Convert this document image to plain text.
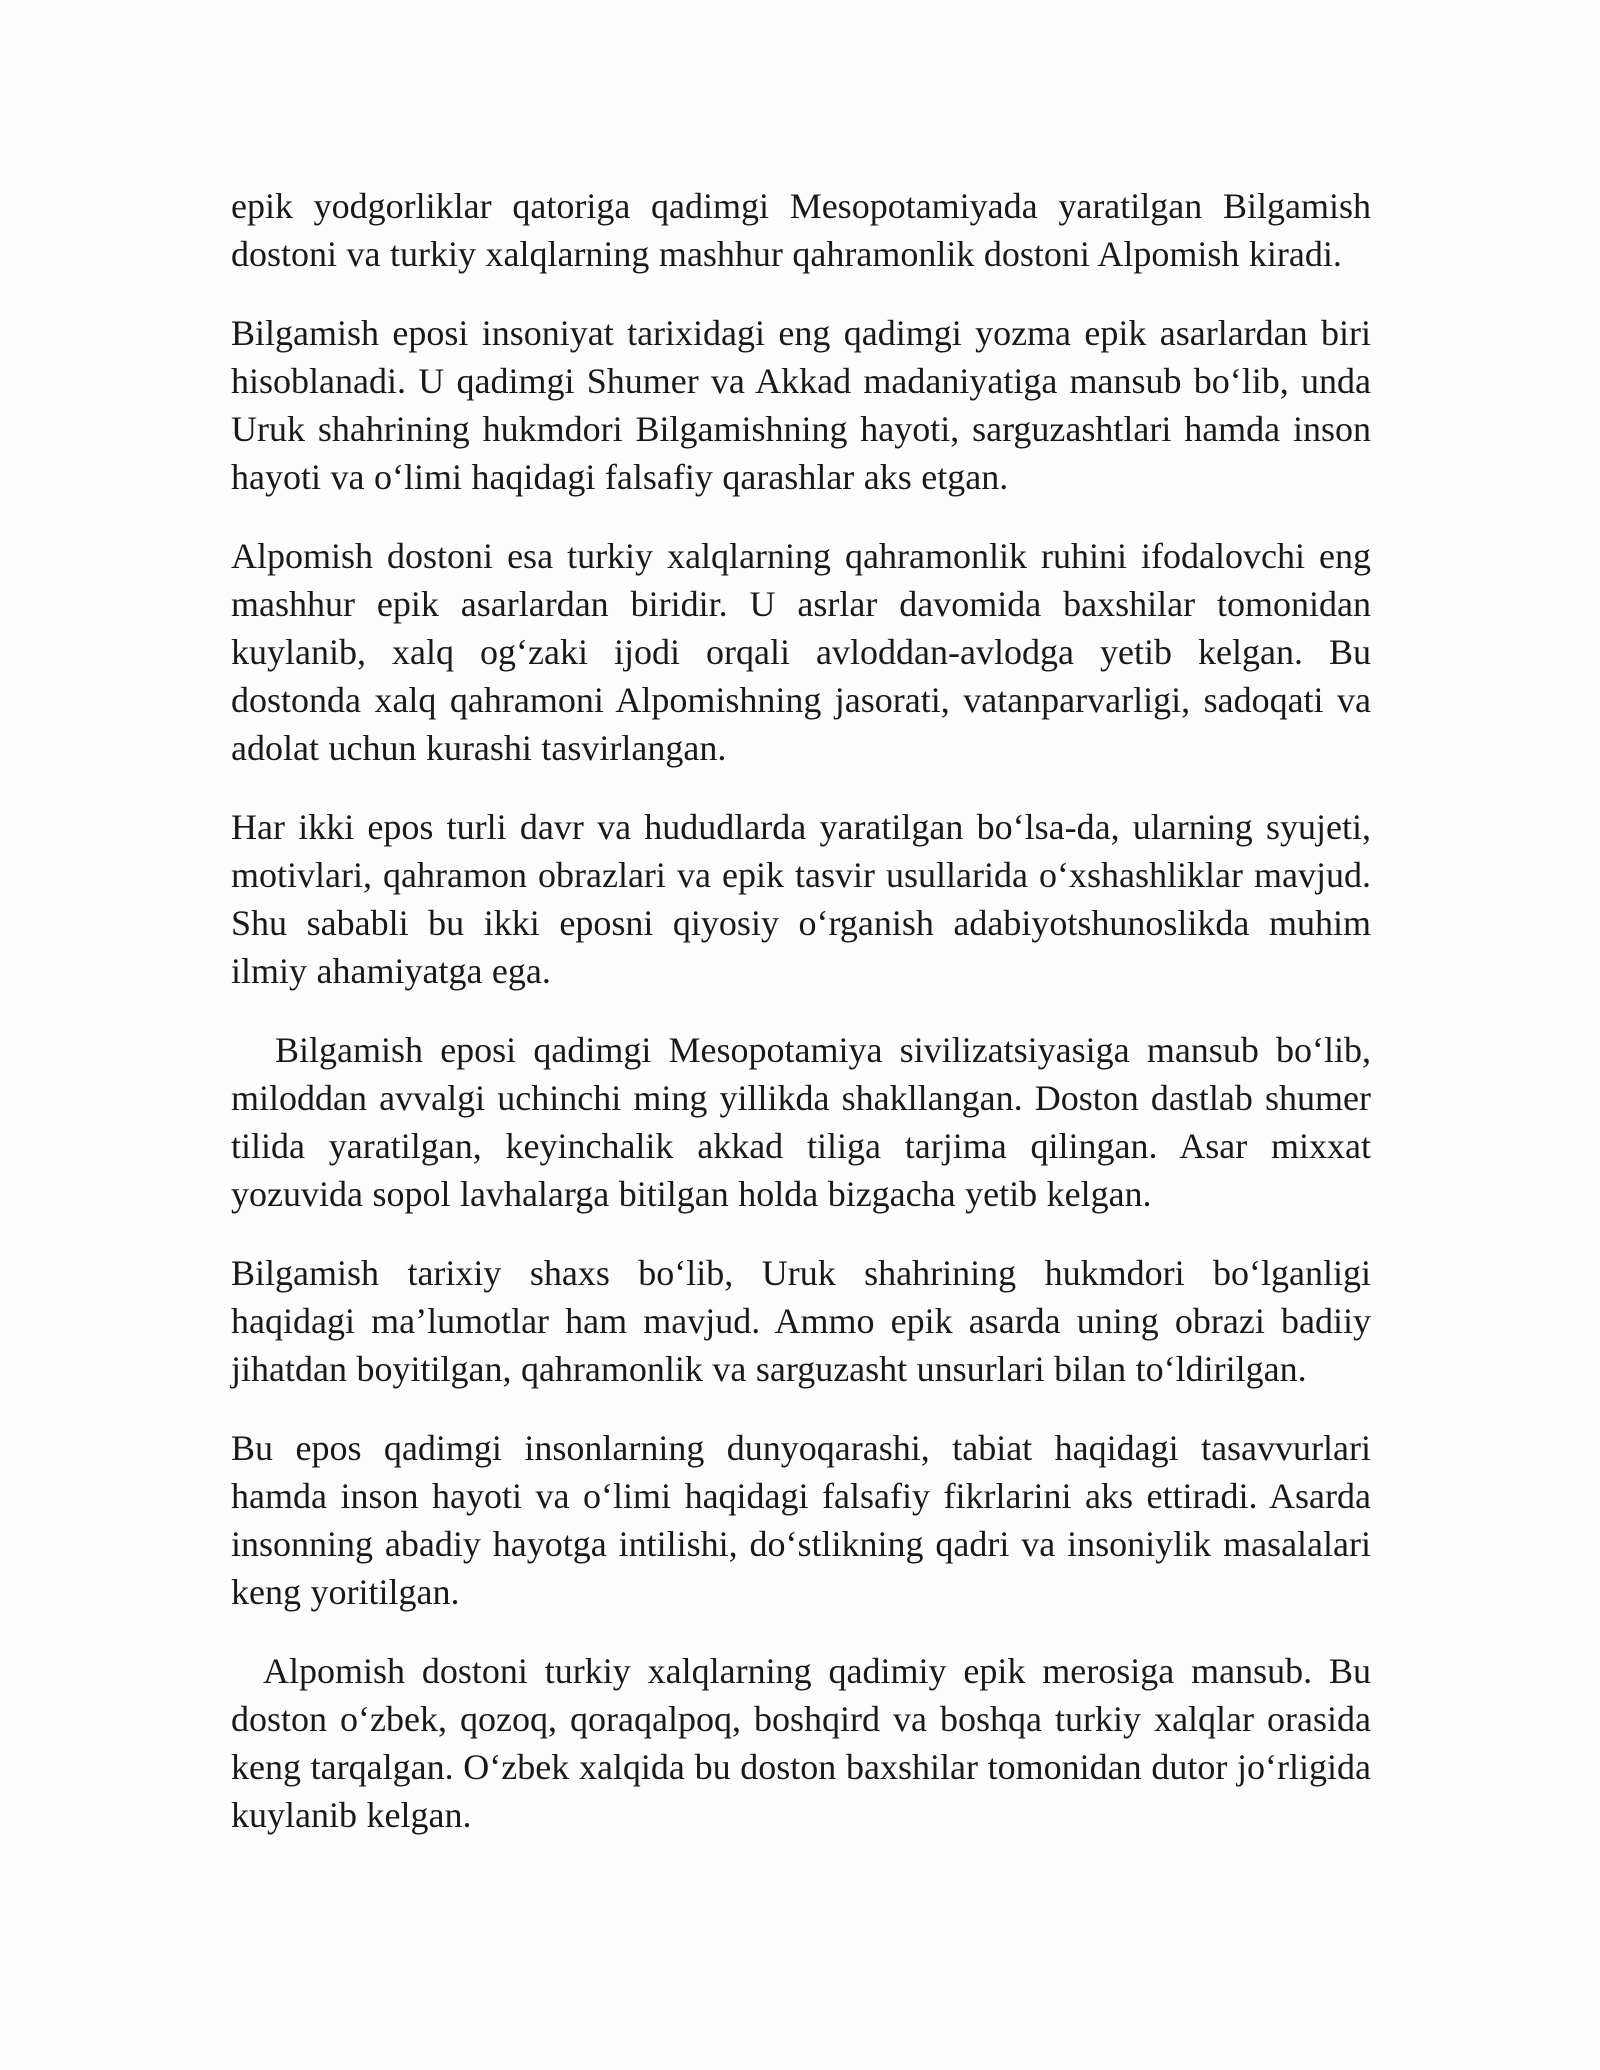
epik yodgorliklar qatoriga qadimgi Mesopotamiyada yaratilgan Bilgamish dostoni va turkiy xalqlarning mashhur qahramonlik dostoni Alpomish kiradi.

Bilgamish eposi insoniyat tarixidagi eng qadimgi yozma epik asarlardan biri hisoblanadi. U qadimgi Shumer va Akkad madaniyatiga mansub bo‘lib, unda Uruk shahrining hukmdori Bilgamishning hayoti, sarguzashtlari hamda inson hayoti va o‘limi haqidagi falsafiy qarashlar aks etgan.

Alpomish dostoni esa turkiy xalqlarning qahramonlik ruhini ifodalovchi eng mashhur epik asarlardan biridir. U asrlar davomida baxshilar tomonidan kuylanib, xalq og‘zaki ijodi orqali avloddan-avlodga yetib kelgan. Bu dostonda xalq qahramoni Alpomishning jasorati, vatanparvarligi, sadoqati va adolat uchun kurashi tasvirlangan.

Har ikki epos turli davr va hududlarda yaratilgan bo‘lsa-da, ularning syujeti, motivlari, qahramon obrazlari va epik tasvir usullarida o‘xshashliklar mavjud. Shu sababli bu ikki eposni qiyosiy o‘rganish adabiyotshunoslikda muhim ilmiy ahamiyatga ega.

Bilgamish eposi qadimgi Mesopotamiya sivilizatsiyasiga mansub bo‘lib, miloddan avvalgi uchinchi ming yillikda shakllangan. Doston dastlab shumer tilida yaratilgan, keyinchalik akkad tiliga tarjima qilingan. Asar mixxat yozuvida sopol lavhalarga bitilgan holda bizgacha yetib kelgan.

Bilgamish tarixiy shaxs bo‘lib, Uruk shahrining hukmdori bo‘lganligi haqidagi ma’lumotlar ham mavjud. Ammo epik asarda uning obrazi badiiy jihatdan boyitilgan, qahramonlik va sarguzasht unsurlari bilan to‘ldirilgan.

Bu epos qadimgi insonlarning dunyoqarashi, tabiat haqidagi tasavvurlari hamda inson hayoti va o‘limi haqidagi falsafiy fikrlarini aks ettiradi. Asarda insonning abadiy hayotga intilishi, do‘stlikning qadri va insoniylik masalalari keng yoritilgan.

Alpomish dostoni turkiy xalqlarning qadimiy epik merosiga mansub. Bu doston o‘zbek, qozoq, qoraqalpoq, boshqird va boshqa turkiy xalqlar orasida keng tarqalgan. O‘zbek xalqida bu doston baxshilar tomonidan dutor jo‘rligida kuylanib kelgan.
